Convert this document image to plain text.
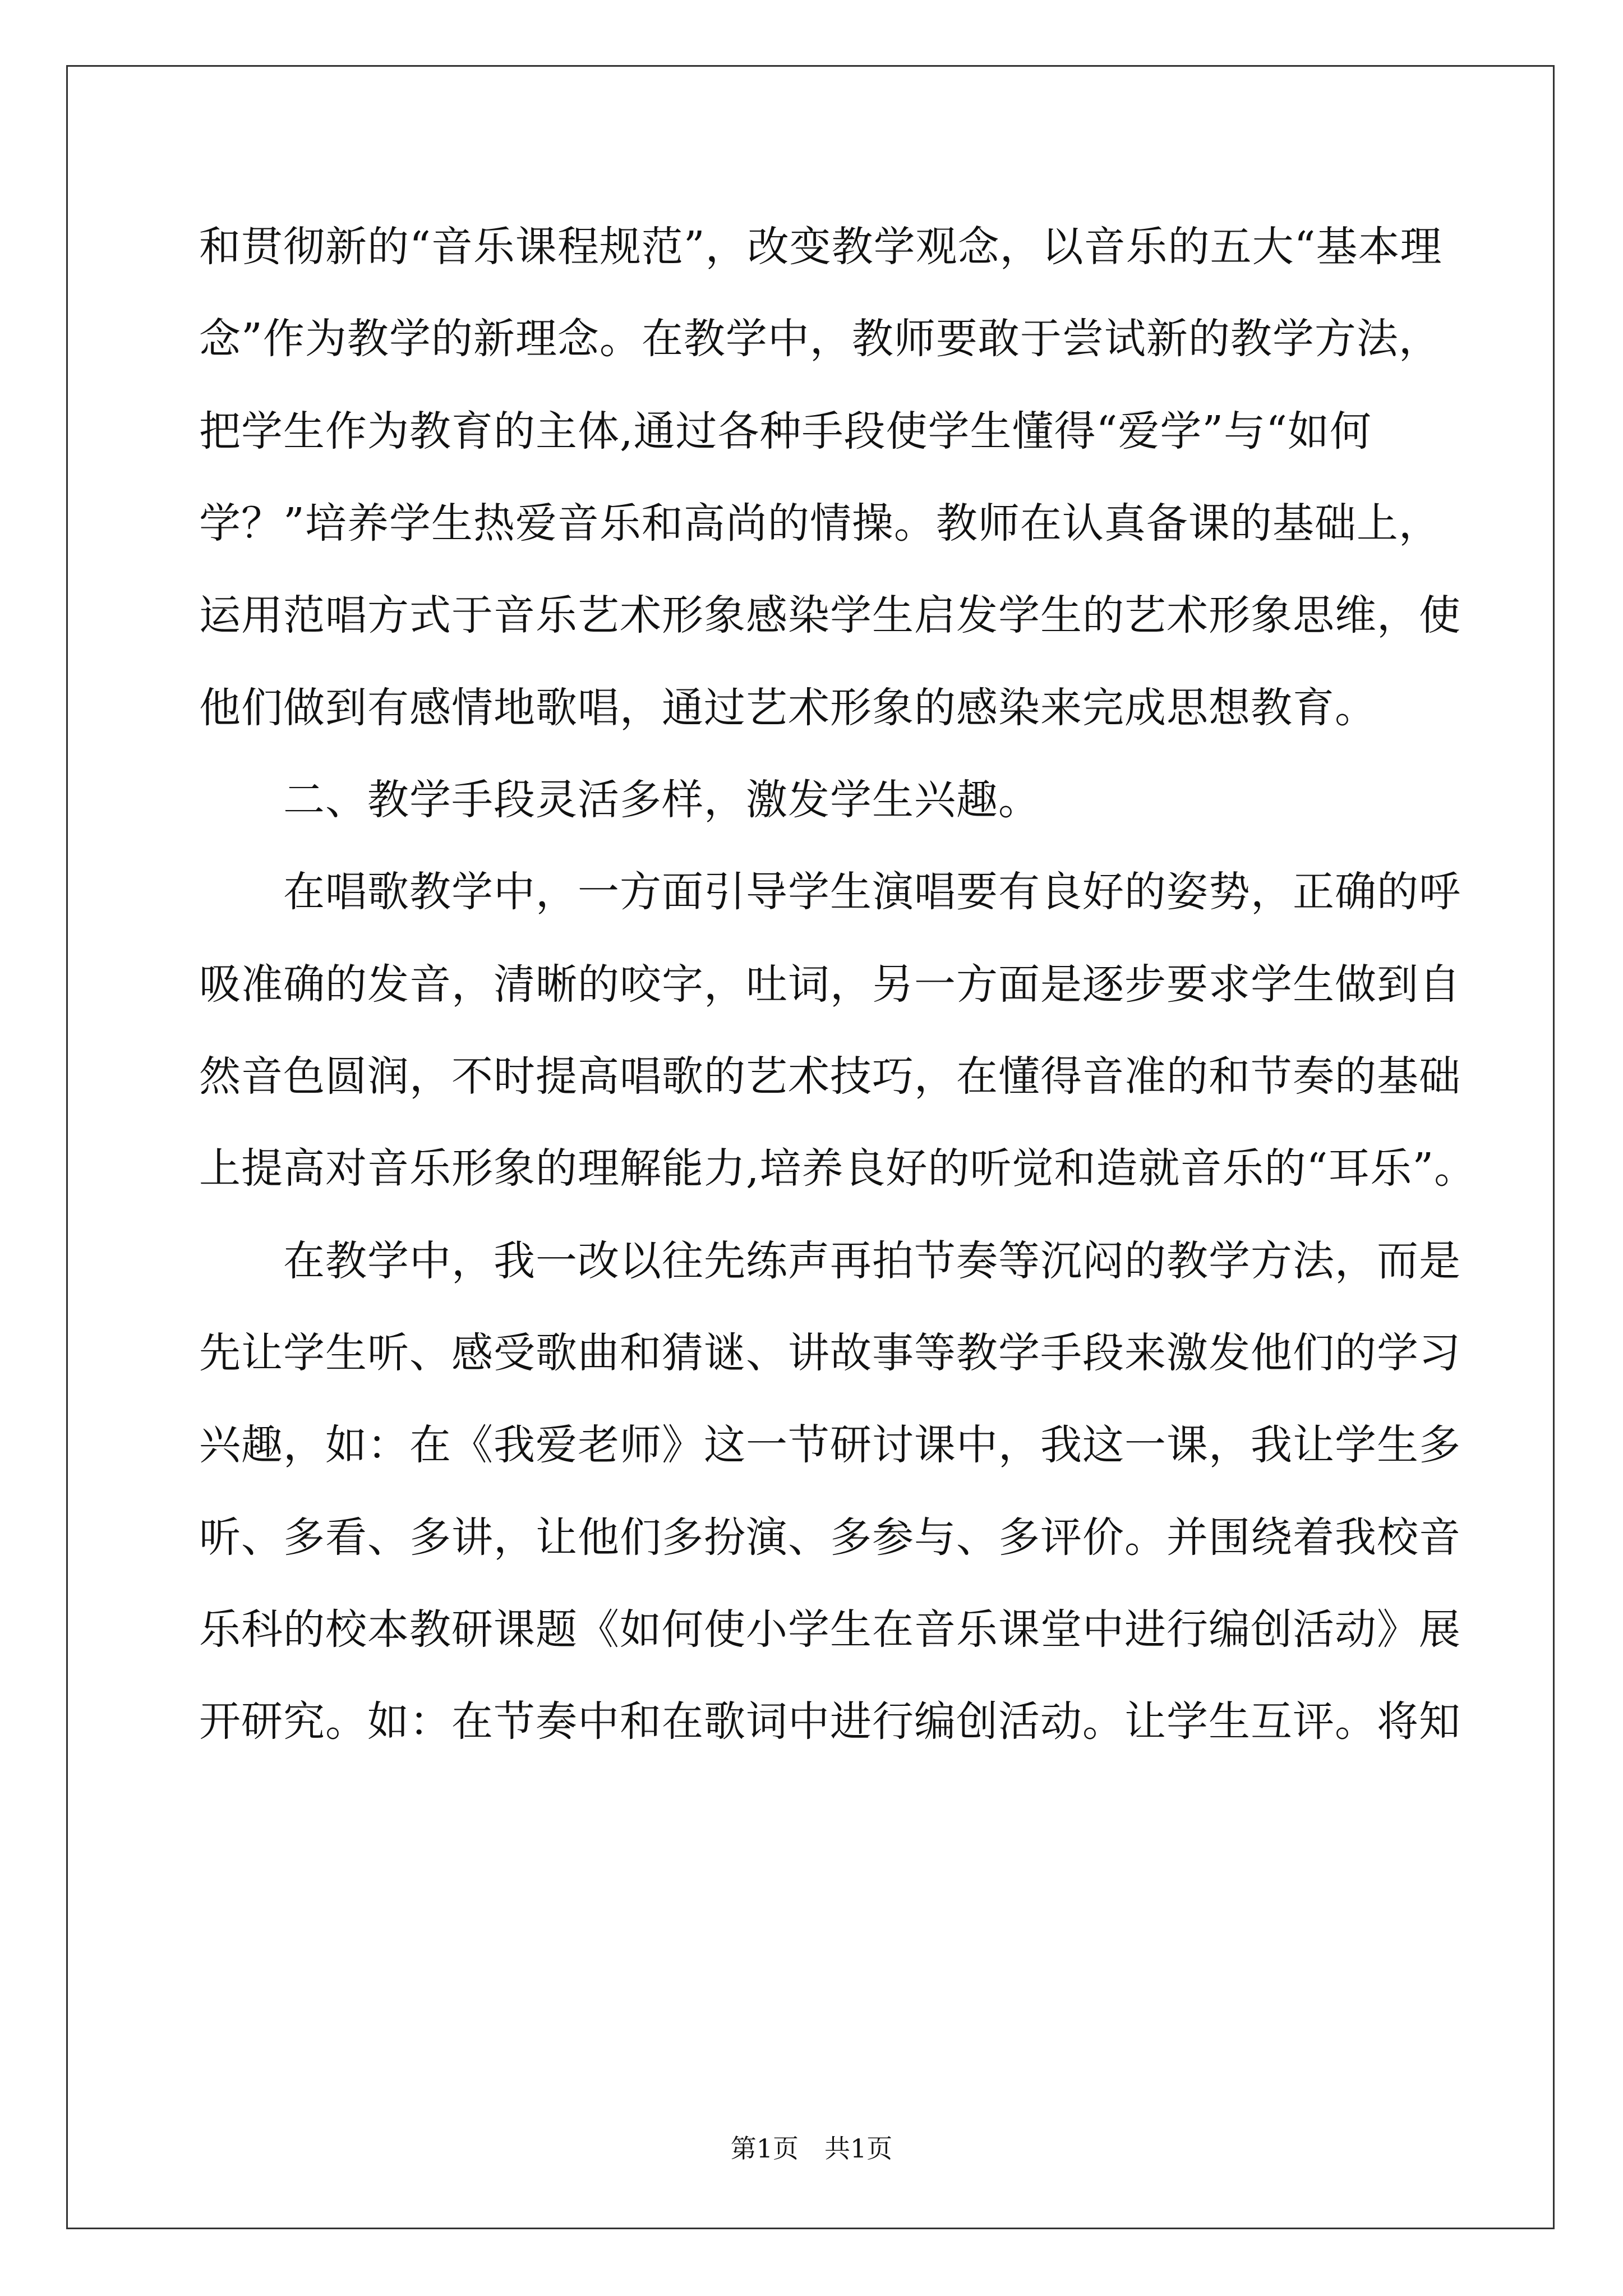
和贯彻新的“音乐课程规范”，改变教学观念，以音乐的五大“基本理
念”作为教学的新理念。在教学中，教师要敢于尝试新的教学方法，
把学生作为教育的主体,通过各种手段使学生懂得“爱学”与“如何
学？”培养学生热爱音乐和高尚的情操。教师在认真备课的基础上，
运用范唱方式于音乐艺术形象感染学生启发学生的艺术形象思维，使
他们做到有感情地歌唱，通过艺术形象的感染来完成思想教育。
二、教学手段灵活多样，激发学生兴趣。
在唱歌教学中，一方面引导学生演唱要有良好的姿势，正确的呼
吸准确的发音，清晰的咬字，吐词，另一方面是逐步要求学生做到自
然音色圆润，不时提高唱歌的艺术技巧，在懂得音准的和节奏的基础
上提高对音乐形象的理解能力,培养良好的听觉和造就音乐的“耳乐”。
在教学中，我一改以往先练声再拍节奏等沉闷的教学方法，而是
先让学生听、感受歌曲和猜谜、讲故事等教学手段来激发他们的学习
兴趣，如：在《我爱老师》这一节研讨课中，我这一课，我让学生多
听、多看、多讲，让他们多扮演、多参与、多评价。并围绕着我校音
乐科的校本教研课题《如何使小学生在音乐课堂中进行编创活动》展
开研究。如：在节奏中和在歌词中进行编创活动。让学生互评。将知
第1页　共1页
